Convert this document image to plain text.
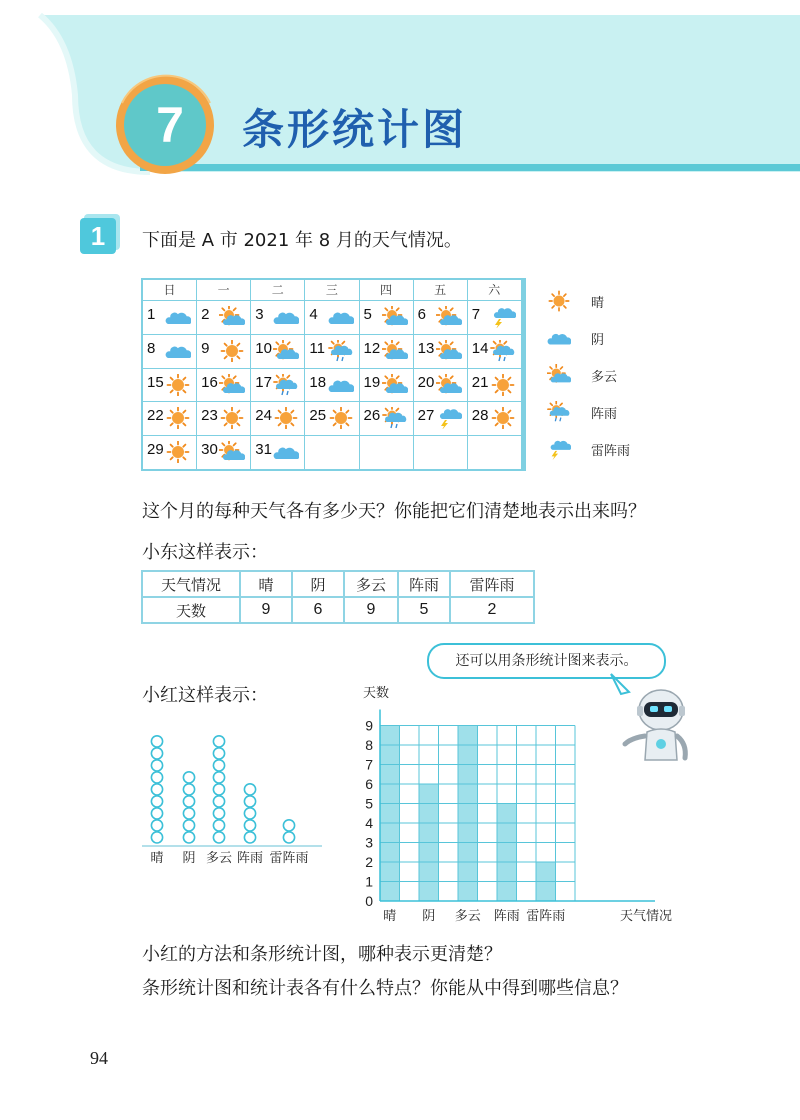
7	条形统计图
1	下面是 A 市 2021 年 8 月的天气情况。
日	一	二	三	四	五	六
1	2	3	4	5	6	7
8	9	10 11	12 13 14
15 16 17 18 19 20 21
22 23 24 25 26 27 28
29 30 31
晴
阴
多云
阵雨
雷阵雨
这个月的每种天气各有多少天？你能把它们清楚地表示出来吗？
小东这样表示：
天气情况	晴	阴	多云	阵雨	雷阵雨
天数	9	6	9	5	2
还可以用条形统计图来表示。
小红这样表示：
晴 阴 多云 阵雨 雷阵雨
0
1
2
3
4
5
6
7
8
9
晴 阴 多云 阵雨 雷阵雨
天数
天气情况
小红的方法和条形统计图，哪种表示更清楚？
条形统计图和统计表各有什么特点？你能从中得到哪些信息？
94
